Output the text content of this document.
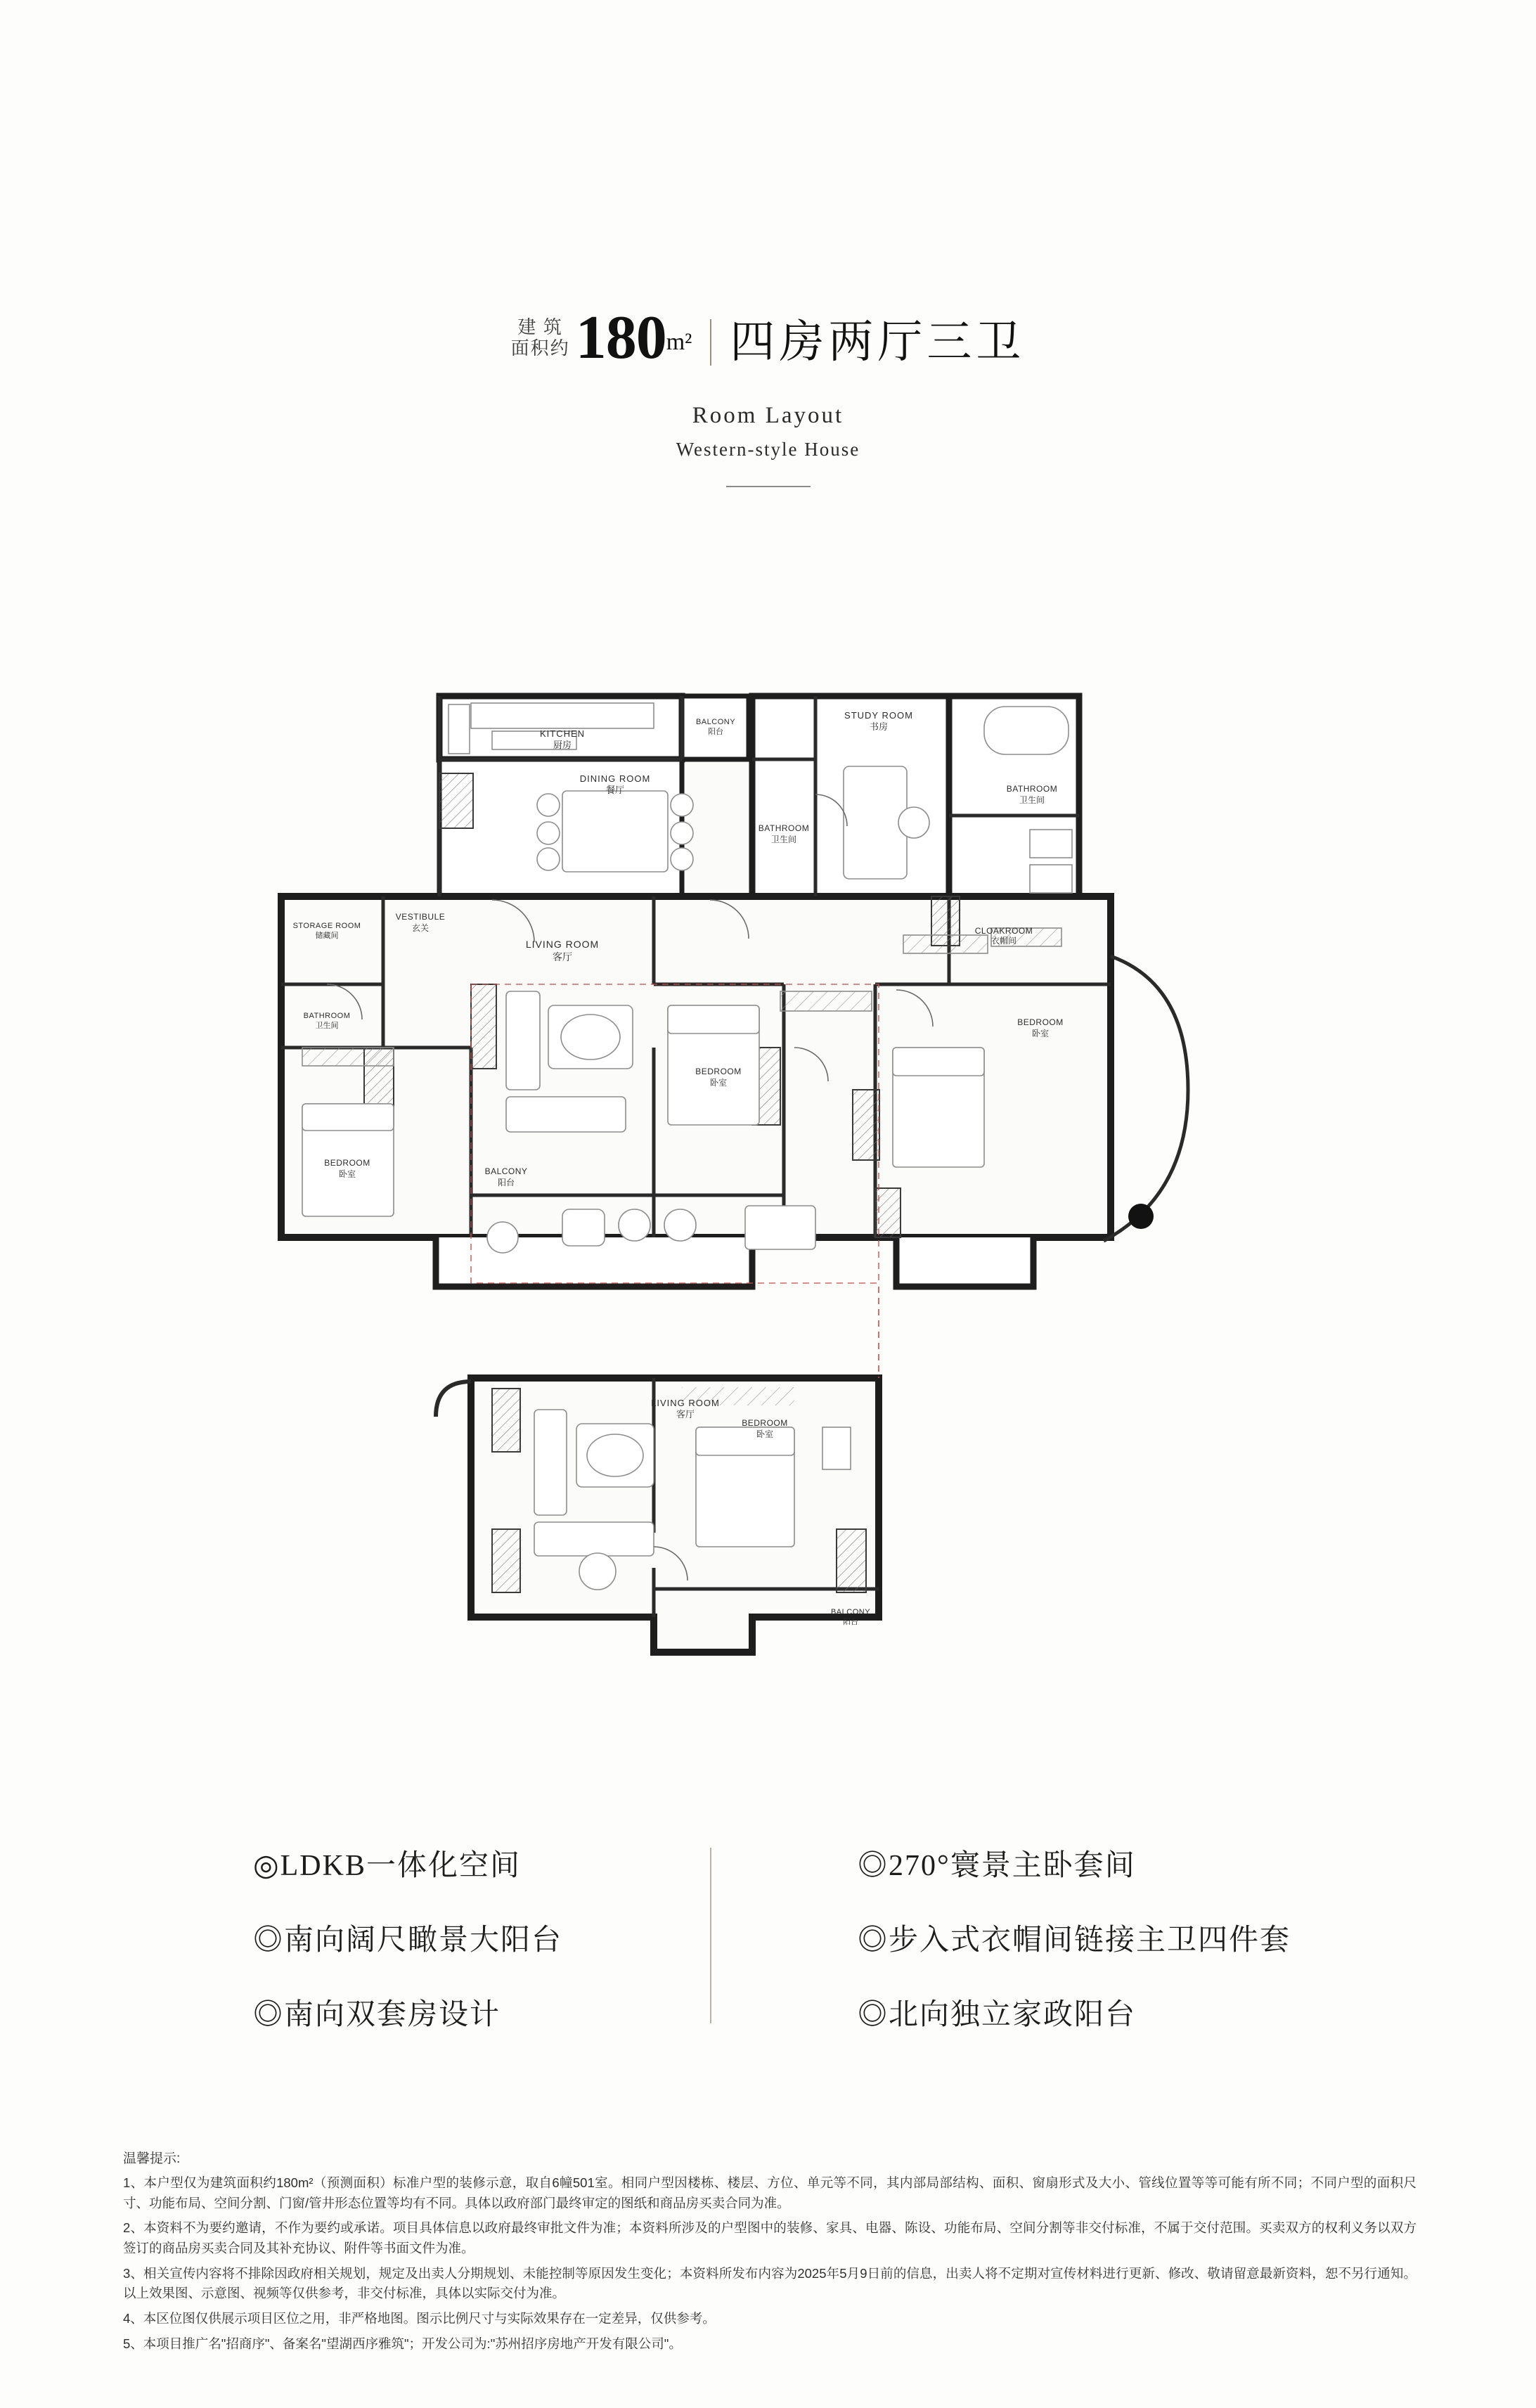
建 筑
面积约 180 m² 四房两厅三卫
Room Layout
Western-style House
KITCHEN
厨房
BALCONY
阳台
DINING ROOM
餐厅
STUDY ROOM
书房
BATHROOM
卫生间
BATHROOM
卫生间
STORAGE ROOM
储藏间
VESTIBULE
玄关
LIVING ROOM
客厅
CLOAKROOM
衣帽间
BATHROOM
卫生间
BEDROOM
卧室
BEDROOM
卧室
BEDROOM
卧室	BALCONY
阳台
LIVING ROOM
客厅
BEDROOM
卧室
BALCONY
阳台
◎LDKB一体化空间
◎南向阔尺瞰景大阳台
◎南向双套房设计
◎270°寰景主卧套间
◎步入式衣帽间链接主卫四件套
◎北向独立家政阳台
温馨提示:

1、本户型仅为建筑面积约180m²（预测面积）标准户型的装修示意，取自6幢501室。相同户型因楼栋、楼层、方位、单元等不同，其内部局部结构、面积、窗扇形式及大小、管线位置等等可能有所不同；不同户型的面积尺寸、功能布局、空间分割、门窗/管井形态位置等均有不同。具体以政府部门最终审定的图纸和商品房买卖合同为准。

2、本资料不为要约邀请，不作为要约或承诺。项目具体信息以政府最终审批文件为准；本资料所涉及的户型图中的装修、家具、电器、陈设、功能布局、空间分割等非交付标准，不属于交付范围。买卖双方的权利义务以双方签订的商品房买卖合同及其补充协议、附件等书面文件为准。

3、相关宣传内容将不排除因政府相关规划，规定及出卖人分期规划、未能控制等原因发生变化；本资料所发布内容为2025年5月9日前的信息，出卖人将不定期对宣传材料进行更新、修改、敬请留意最新资料，恕不另行通知。以上效果图、示意图、视频等仅供参考，非交付标准，具体以实际交付为准。

4、本区位图仅供展示项目区位之用，非严格地图。图示比例尺寸与实际效果存在一定差异，仅供参考。

5、本项目推广名"招商序"、备案名"望湖西序雅筑"；开发公司为:"苏州招序房地产开发有限公司"。
